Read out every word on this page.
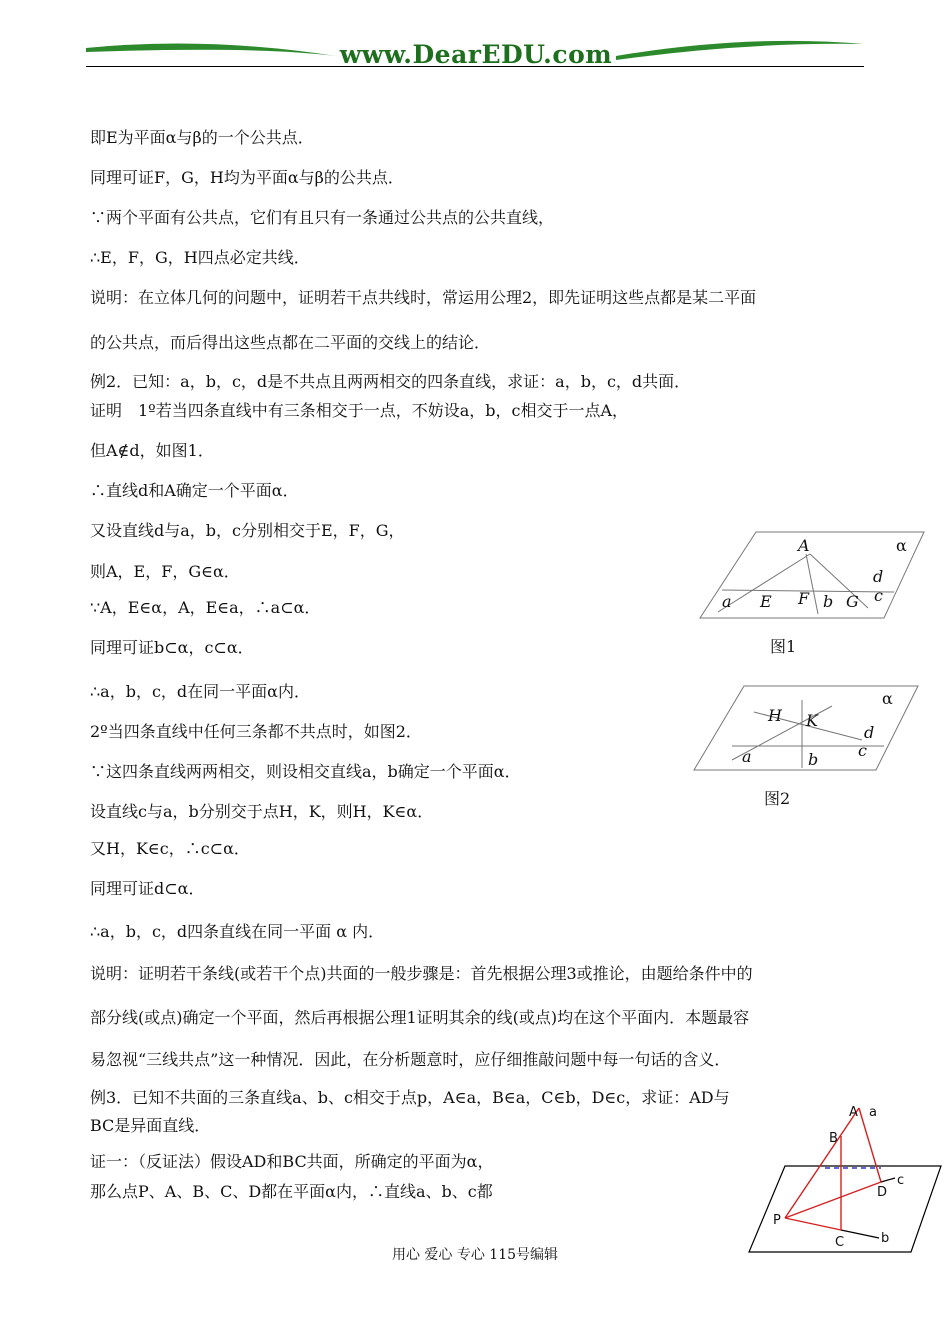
www.DearEDU.com
即E为平面α与β的一个公共点．
同理可证F，G，H均为平面α与β的公共点．
∵两个平面有公共点，它们有且只有一条通过公共点的公共直线，
∴E，F，G，H四点必定共线．
说明：在立体几何的问题中，证明若干点共线时，常运用公理2，即先证明这些点都是某二平面
的公共点，而后得出这些点都在二平面的交线上的结论．
例2．已知：a，b，c，d是不共点且两两相交的四条直线，求证：a，b，c，d共面．
证明　1º若当四条直线中有三条相交于一点，不妨设a，b，c相交于一点A，
但A∉d，如图1．
∴直线d和A确定一个平面α．
又设直线d与a，b，c分别相交于E，F，G，
则A，E，F，G∈α．
∵A，E∈α，A，E∈a，∴a⊂α．
同理可证b⊂α，c⊂α．
∴a，b，c，d在同一平面α内．
2º当四条直线中任何三条都不共点时，如图2．
∵这四条直线两两相交，则设相交直线a，b确定一个平面α．
设直线c与a，b分别交于点H，K，则H，K∈α．
又H，K∈c，∴c⊂α．
同理可证d⊂α．
∴a，b，c，d四条直线在同一平面 α 内．
说明：证明若干条线(或若干个点)共面的一般步骤是：首先根据公理3或推论，由题给条件中的
部分线(或点)确定一个平面，然后再根据公理1证明其余的线(或点)均在这个平面内．本题最容
易忽视“三线共点”这一种情况．因此，在分析题意时，应仔细推敲问题中每一句话的含义．
例3．已知不共面的三条直线a、b、c相交于点p，A∈a，B∈a，C∈b，D∈c，求证：AD与
BC是异面直线．
证一：（反证法）假设AD和BC共面，所确定的平面为α，
那么点P、A、B、C、D都在平面α内，∴直线a、b、c都
A	α
d
a E F b G c
图1
α
H K
d
c
a	b
图2
A a
B
c
D
P
C	b
用心 爱心 专心 115号编辑
